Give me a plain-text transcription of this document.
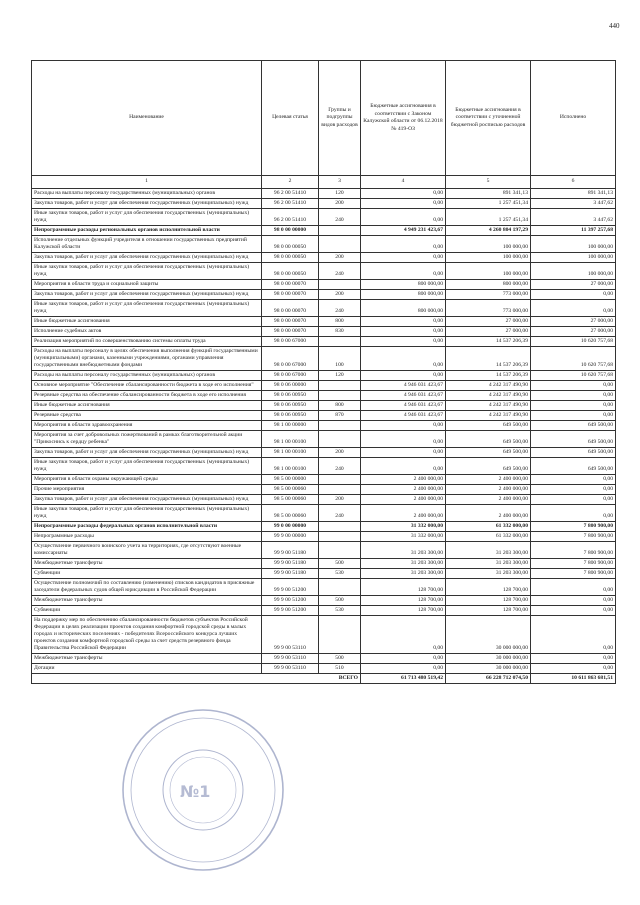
440
Наименование	Целевая статья	Группы и подгруппы видов расходов	Бюджетные ассигнования в соответствии с Законом Калужской области от 06.12.2018 № 419-ОЗ	Бюджетные ассигнования в соответствии с уточненной бюджетной росписью расходов	Исполнено
1	2	3	4	5	6
Расходы на выплаты персоналу государственных (муниципальных) органов	96 2 00 51410	120	0,00	891 341,13	891 341,13
Закупка товаров, работ и услуг для обеспечения государственных (муниципальных) нужд	96 2 00 51410	200	0,00	1 257 451,34	3 447,62
Иные закупки товаров, работ и услуг для обеспечения государственных (муниципальных) нужд	96 2 00 51410	240	0,00	1 257 451,34	3 447,62
Непрограммные расходы региональных органов исполнительной власти	98 0 00 00000		4 949 231 423,67	4 260 804 197,29	11 397 257,68
Исполнение отдельных функций учредителя в отношении государственных предприятий Калужской области	98 0 00 00050		0,00	100 000,00	100 000,00
Закупка товаров, работ и услуг для обеспечения государственных (муниципальных) нужд	98 0 00 00050	200	0,00	100 000,00	100 000,00
Иные закупки товаров, работ и услуг для обеспечения государственных (муниципальных) нужд	98 0 00 00050	240	0,00	100 000,00	100 000,00
Мероприятия в области труда и социальной защиты	98 0 00 00070		800 000,00	800 000,00	27 000,00
Закупка товаров, работ и услуг для обеспечения государственных (муниципальных) нужд	98 0 00 00070	200	800 000,00	773 000,00	0,00
Иные закупки товаров, работ и услуг для обеспечения государственных (муниципальных) нужд	98 0 00 00070	240	800 000,00	773 000,00	0,00
Иные бюджетные ассигнования	98 0 00 00070	800	0,00	27 000,00	27 000,00
Исполнение судебных актов	98 0 00 00070	830	0,00	27 000,00	27 000,00
Реализация мероприятий по совершенствованию системы оплаты труда	98 0 00 67000		0,00	14 537 206,39	10 620 757,68
Расходы на выплаты персоналу в целях обеспечения выполнения функций государственными (муниципальными) органами, казенными учреждениями, органами управления государственными внебюджетными фондами	98 0 00 67000	100	0,00	14 537 206,39	10 620 757,68
Расходы на выплаты персоналу государственных (муниципальных) органов	98 0 00 67000	120	0,00	14 537 206,39	10 620 757,68
Основное мероприятие "Обеспечение сбалансированности бюджета в ходе его исполнения"	98 0 06 00000		4 946 031 423,67	4 242 317 490,90	0,00
Резервные средства на обеспечение сбалансированности бюджета в ходе его исполнения	98 0 06 00950		4 946 031 423,67	4 242 317 490,90	0,00
Иные бюджетные ассигнования	98 0 06 00950	800	4 946 031 423,67	4 242 317 490,90	0,00
Резервные средства	98 0 06 00950	870	4 946 031 423,67	4 242 317 490,90	0,00
Мероприятия в области здравоохранения	98 1 00 00000		0,00	649 500,00	649 500,00
Мероприятия за счет добровольных пожертвований в рамках благотворительной акции "Прикоснись к сердцу ребенка"	98 1 00 00100		0,00	649 500,00	649 500,00
Закупка товаров, работ и услуг для обеспечения государственных (муниципальных) нужд	98 1 00 00100	200	0,00	649 500,00	649 500,00
Иные закупки товаров, работ и услуг для обеспечения государственных (муниципальных) нужд	98 1 00 00100	240	0,00	649 500,00	649 500,00
Мероприятия в области охраны окружающей среды	98 5 00 00000		2 400 000,00	2 400 000,00	0,00
Прочие мероприятия	98 5 00 00060		2 400 000,00	2 400 000,00	0,00
Закупка товаров, работ и услуг для обеспечения государственных (муниципальных) нужд	98 5 00 00060	200	2 400 000,00	2 400 000,00	0,00
Иные закупки товаров, работ и услуг для обеспечения государственных (муниципальных) нужд	98 5 00 00060	240	2 400 000,00	2 400 000,00	0,00
Непрограммные расходы федеральных органов исполнительной власти	99 0 00 00000		31 332 000,00	61 332 000,00	7 800 900,00
Непрограммные расходы	99 9 00 00000		31 332 000,00	61 332 000,00	7 800 900,00
Осуществление первичного воинского учета на территориях, где отсутствуют военные комиссариаты	99 9 00 51180		31 203 300,00	31 203 300,00	7 800 900,00
Межбюджетные трансферты	99 9 00 51180	500	31 203 300,00	31 203 300,00	7 800 900,00
Субвенции	99 9 00 51180	530	31 203 300,00	31 203 300,00	7 800 900,00
Осуществление полномочий по составлению (изменению) списков кандидатов в присяжные заседатели федеральных судов общей юрисдикции в Российской Федерации	99 9 00 51200		128 700,00	128 700,00	0,00
Межбюджетные трансферты	99 9 00 51200	500	128 700,00	128 700,00	0,00
Субвенции	99 9 00 51200	530	128 700,00	128 700,00	0,00
На поддержку мер по обеспечению сбалансированности бюджетов субъектов Российской Федерации в целях реализации проектов создания комфортной городской среды в малых городах и исторических поселениях - победителях Всероссийского конкурса лучших проектов создания комфортной городской среды за счет средств резервного фонда Правительства Российской Федерации	99 9 00 53110		0,00	30 000 000,00	0,00
Межбюджетные трансферты	99 9 00 53110	500	0,00	30 000 000,00	0,00
Дотации	99 9 00 53110	510	0,00	30 000 000,00	0,00
	ВСЕГО		61 713 480 519,42	66 228 712 074,50	10 611 863 681,51
№1
